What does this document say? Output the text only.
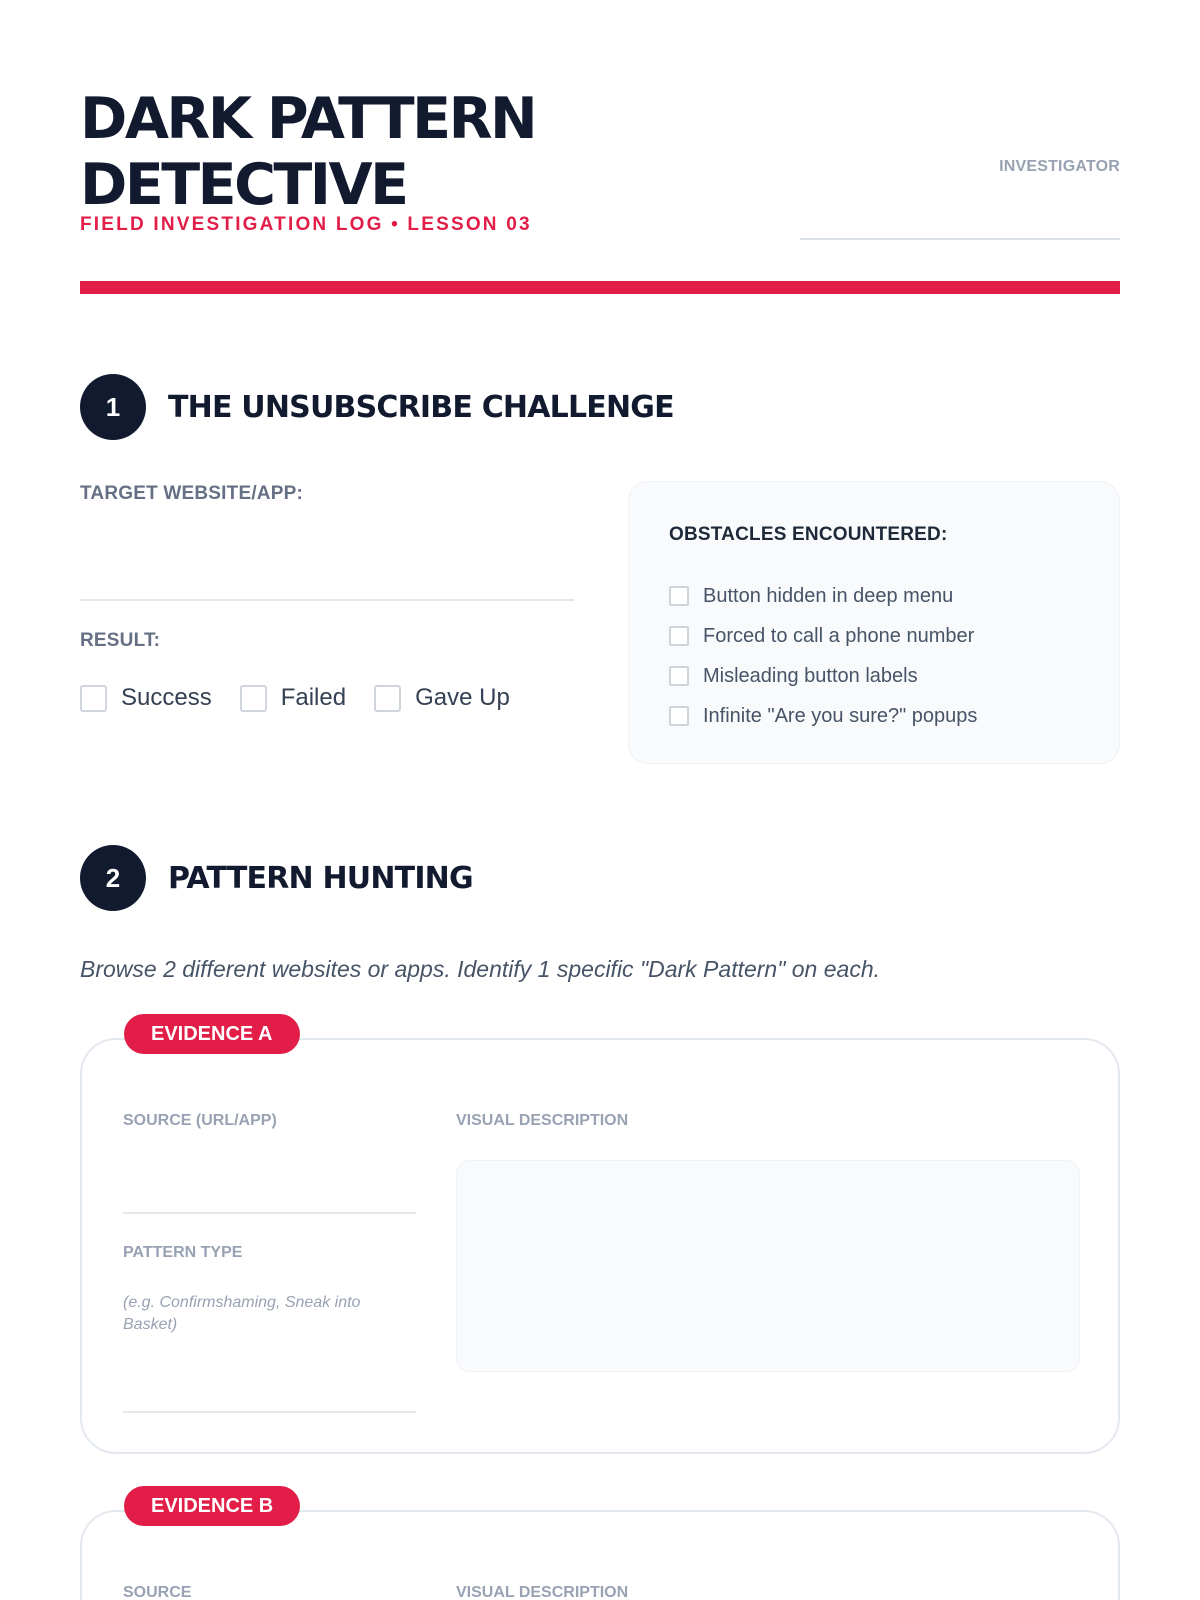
DARK PATTERN
DETECTIVE
FIELD INVESTIGATION LOG • LESSON 03
INVESTIGATOR
1	THE UNSUBSCRIBE CHALLENGE
TARGET WEBSITE/APP:
RESULT:
Success	Failed	Gave Up
OBSTACLES ENCOUNTERED:
Button hidden in deep menu
Forced to call a phone number
Misleading button labels
Infinite "Are you sure?" popups
2	PATTERN HUNTING
Browse 2 different websites or apps. Identify 1 specific "Dark Pattern" on each.
EVIDENCE A
SOURCE (URL/APP)
PATTERN TYPE
(e.g. Confirmshaming, Sneak into Basket)
VISUAL DESCRIPTION
EVIDENCE B
SOURCE	VISUAL DESCRIPTION
